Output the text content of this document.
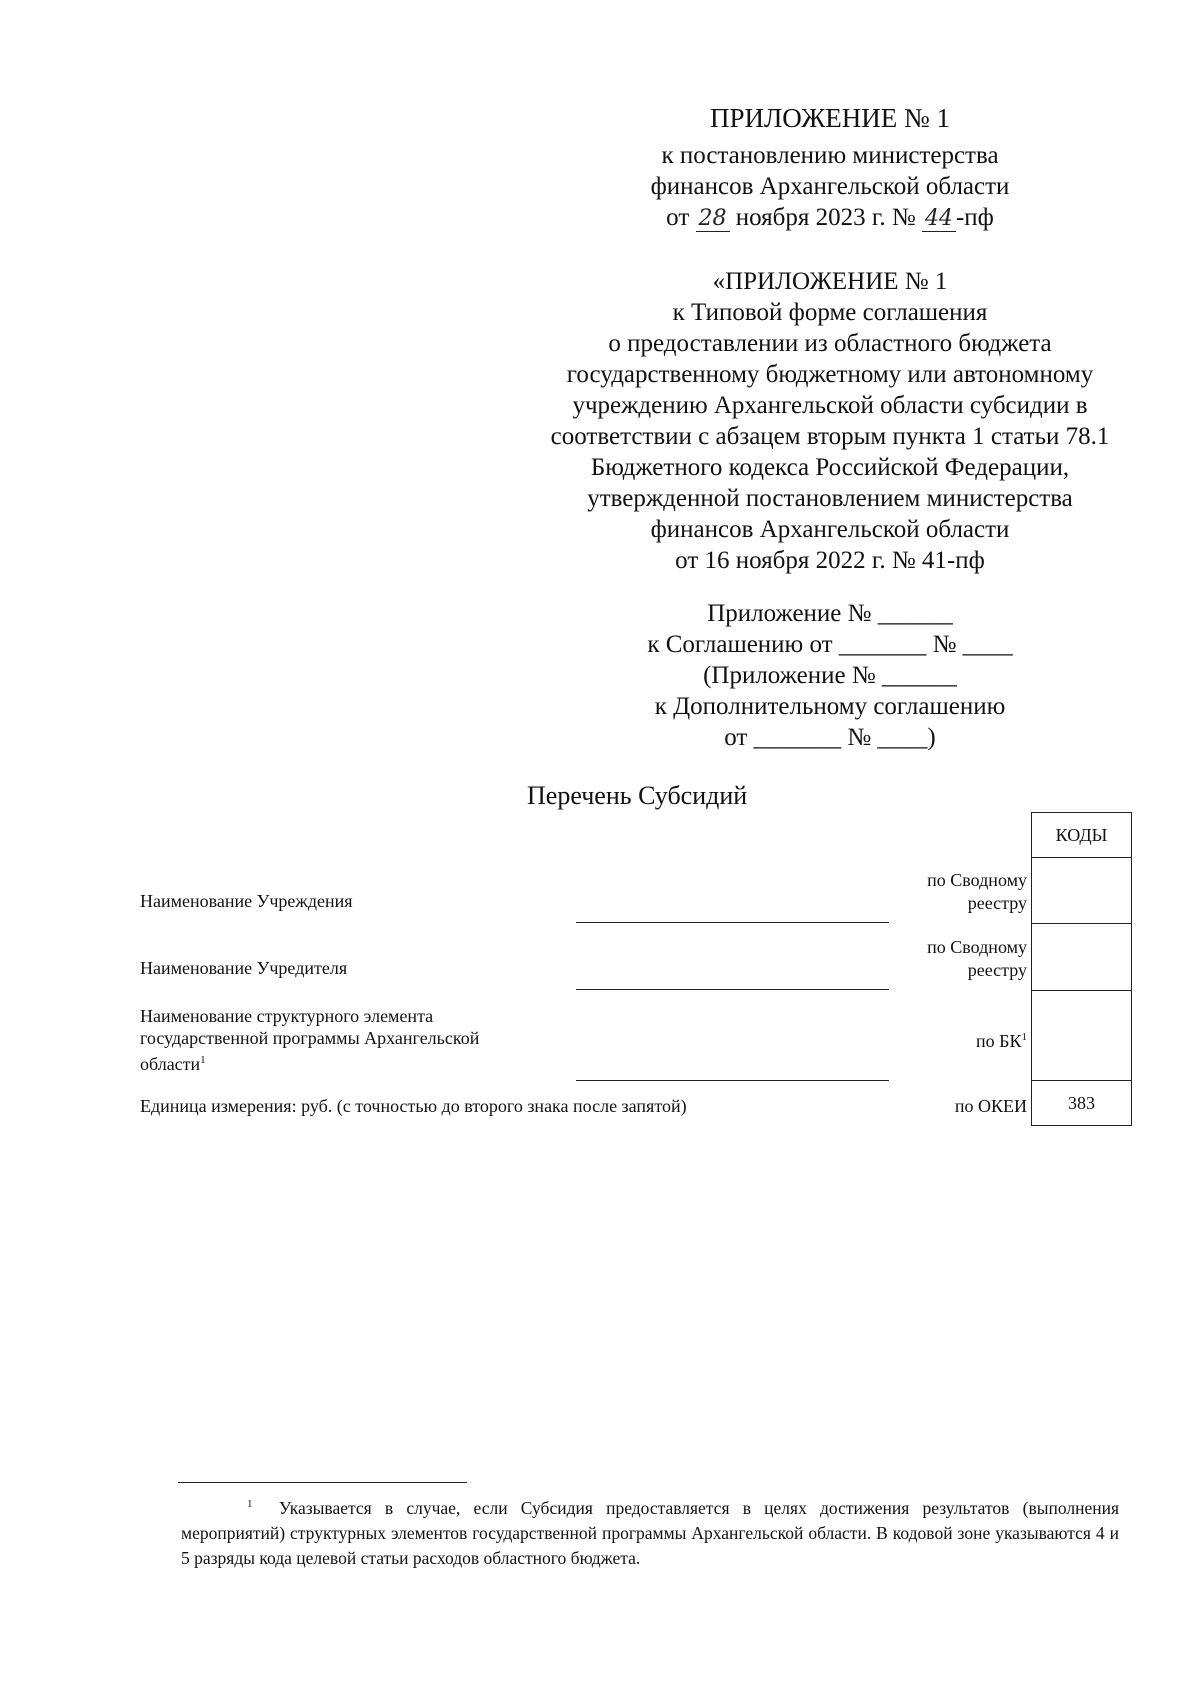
ПРИЛОЖЕНИЕ № 1
к постановлению министерства
финансов Архангельской области
от 28 ноября 2023 г. № 44 -пф
«ПРИЛОЖЕНИЕ № 1
к Типовой форме соглашения
о предоставлении из областного бюджета
государственному бюджетному или автономному
учреждению Архангельской области субсидии в
соответствии с абзацем вторым пункта 1 статьи 78.1
Бюджетного кодекса Российской Федерации,
утвержденной постановлением министерства
финансов Архангельской области
от 16 ноября 2022 г. № 41-пф
Приложение № ______
к Соглашению от _______ № ____
(Приложение № ______
к Дополнительному соглашению
от _______ № ____)
Перечень Субсидий
КОДЫ
383
Наименование Учреждения
по Сводному
реестру
Наименование Учредителя
по Сводному
реестру
Наименование структурного элемента
государственной программы Архангельской
области$^1$
по $БК^1$
Единица измерения: руб. (с точностью до второго знака после запятой)	по ОКЕИ
$^1$ Указывается в случае, если Субсидия предоставляется в целях достижения результатов (выполнения мероприятий) структурных элементов государственной программы Архангельской области. В кодовой зоне указываются 4 и 5 разряды кода целевой статьи расходов областного бюджета.
